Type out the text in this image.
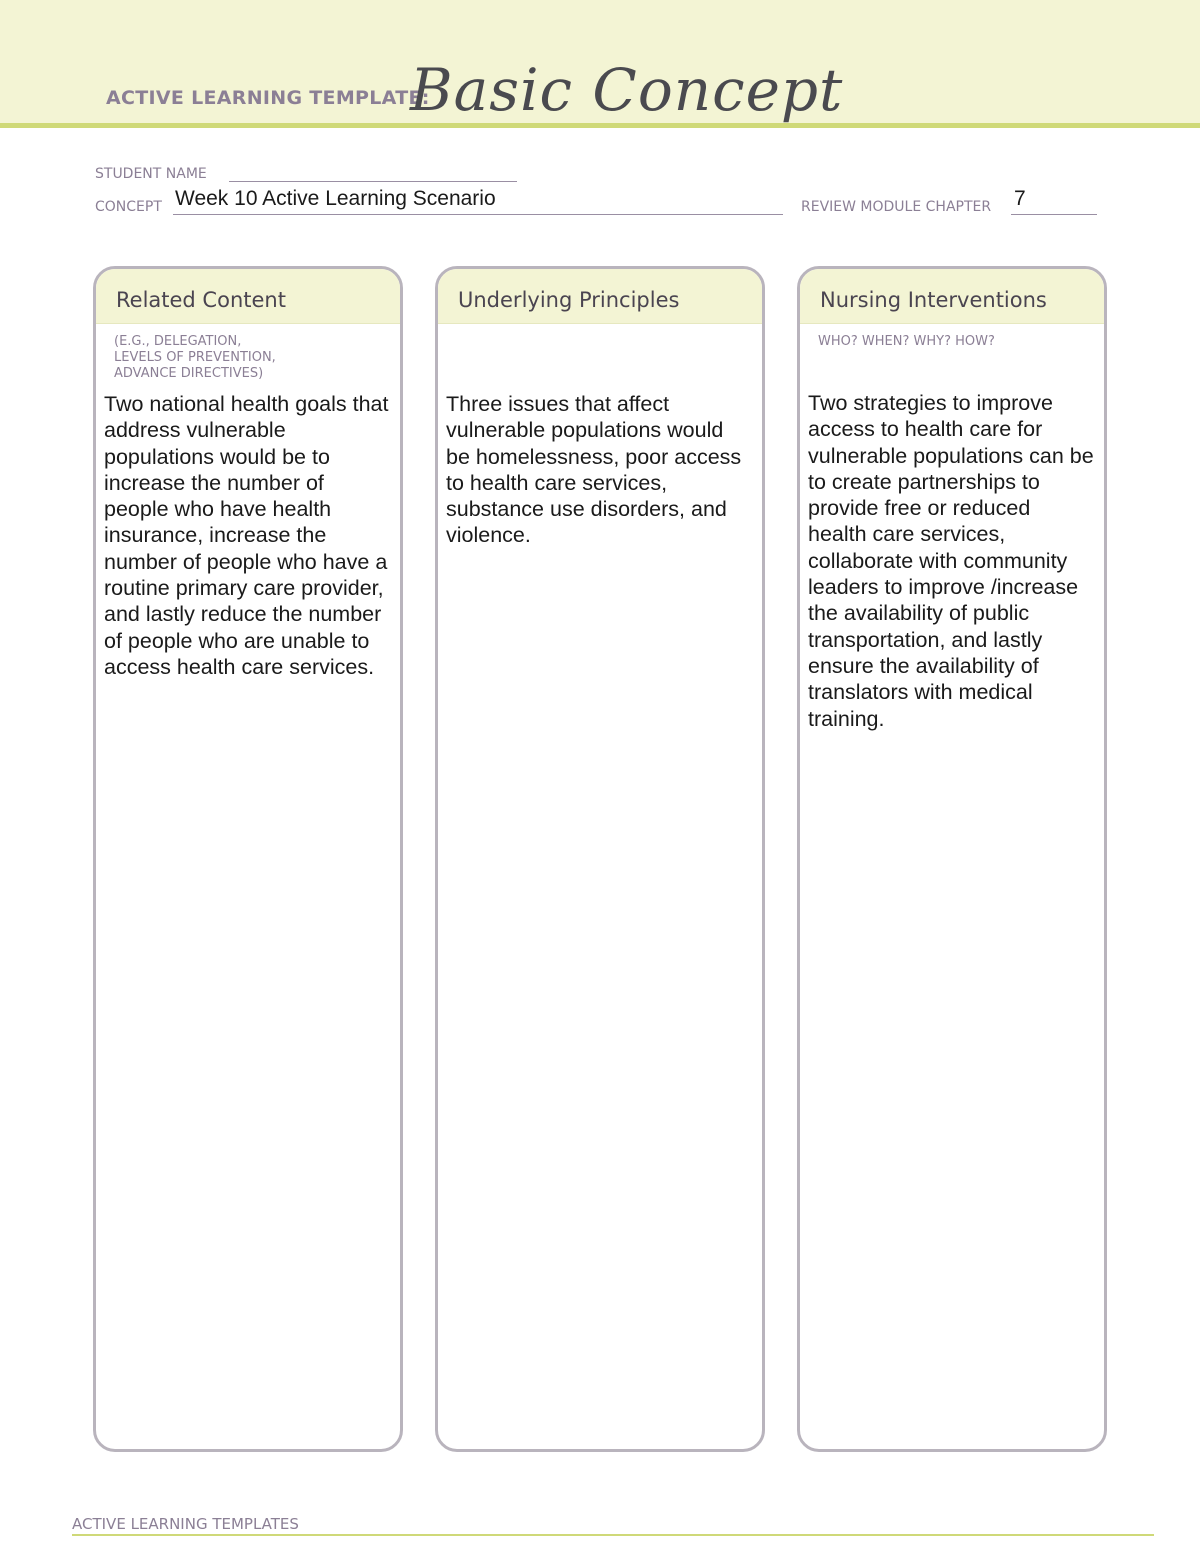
ACTIVE LEARNING TEMPLATE:
Basic Concept
STUDENT NAME
CONCEPT Week 10 Active Learning Scenario	REVIEW MODULE CHAPTER 7
Related Content
(E.G., DELEGATION,
LEVELS OF PREVENTION,
ADVANCE DIRECTIVES)
Two national health goals that address vulnerable populations would be to increase the number of people who have health insurance, increase the number of people who have a routine primary care provider, and lastly reduce the number of people who are unable to access health care services.
Underlying Principles
Three issues that affect vulnerable populations would be homelessness, poor access to health care services, substance use disorders, and violence.
Nursing Interventions
WHO? WHEN? WHY? HOW?
Two strategies to improve access to health care for vulnerable populations can be to create partnerships to provide free or reduced health care services, collaborate with community leaders to improve /increase the availability of public transportation, and lastly ensure the availability of translators with medical training.
ACTIVE LEARNING TEMPLATES
